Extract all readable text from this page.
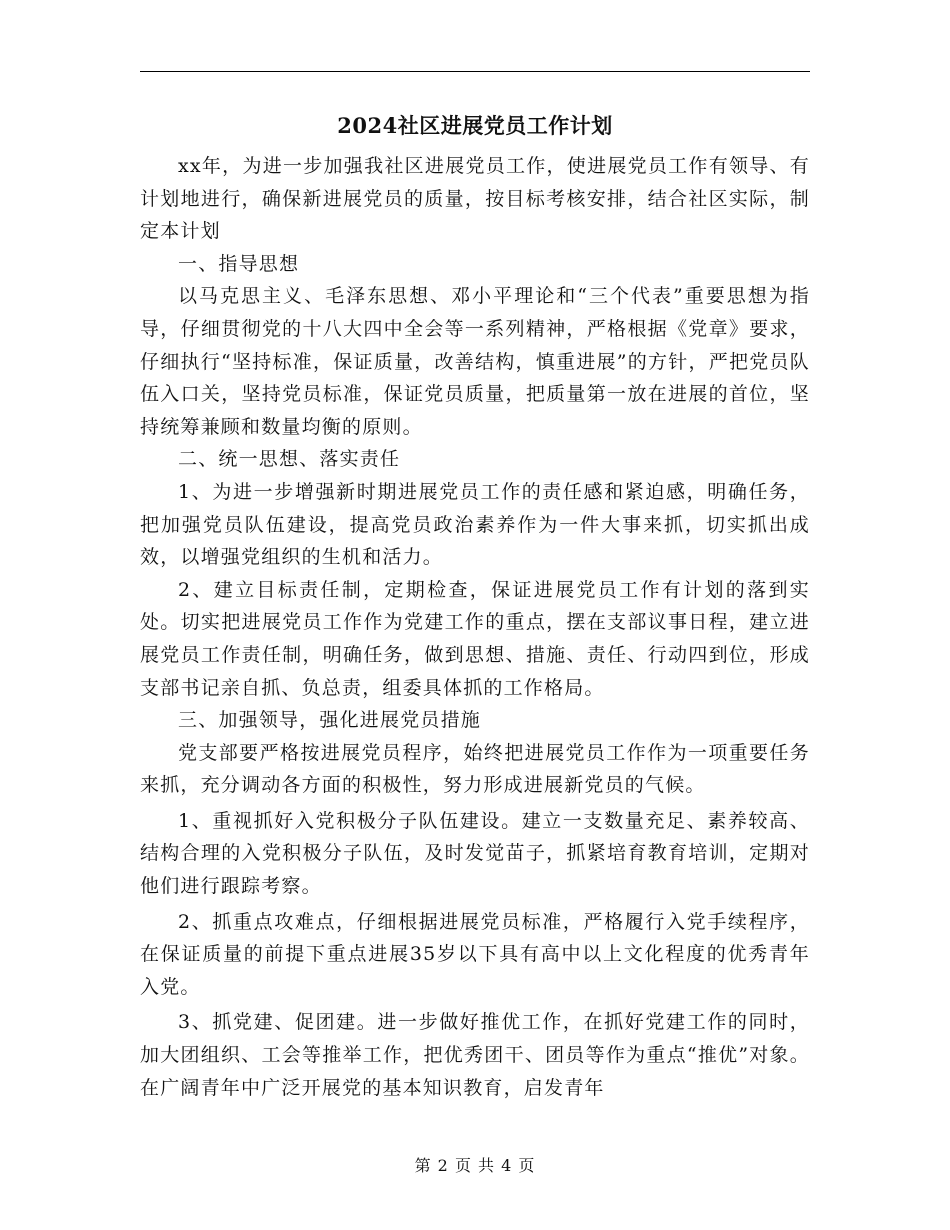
2024社区进展党员工作计划

xx年，为进一步加强我社区进展党员工作，使进展党员工作有领导、有计划地进行，确保新进展党员的质量，按目标考核安排，结合社区实际，制定本计划

一、指导思想

以马克思主义、毛泽东思想、邓小平理论和“三个代表”重要思想为指导，仔细贯彻党的十八大四中全会等一系列精神，严格根据《党章》要求，仔细执行“坚持标准，保证质量，改善结构，慎重进展”的方针，严把党员队伍入口关，坚持党员标准，保证党员质量，把质量第一放在进展的首位，坚持统筹兼顾和数量均衡的原则。

二、统一思想、落实责任

1、为进一步增强新时期进展党员工作的责任感和紧迫感，明确任务，把加强党员队伍建设，提高党员政治素养作为一件大事来抓，切实抓出成效，以增强党组织的生机和活力。

2、建立目标责任制，定期检查，保证进展党员工作有计划的落到实处。切实把进展党员工作作为党建工作的重点，摆在支部议事日程，建立进展党员工作责任制，明确任务，做到思想、措施、责任、行动四到位，形成支部书记亲自抓、负总责，组委具体抓的工作格局。

三、加强领导，强化进展党员措施

党支部要严格按进展党员程序，始终把进展党员工作作为一项重要任务来抓，充分调动各方面的积极性，努力形成进展新党员的气候。

1、重视抓好入党积极分子队伍建设。建立一支数量充足、素养较高、结构合理的入党积极分子队伍，及时发觉苗子，抓紧培育教育培训，定期对他们进行跟踪考察。

2、抓重点攻难点，仔细根据进展党员标准，严格履行入党手续程序，在保证质量的前提下重点进展35岁以下具有高中以上文化程度的优秀青年入党。

3、抓党建、促团建。进一步做好推优工作，在抓好党建工作的同时，加大团组织、工会等推举工作，把优秀团干、团员等作为重点“推优”对象。在广阔青年中广泛开展党的基本知识教育，启发青年

第 2 页 共 4 页
